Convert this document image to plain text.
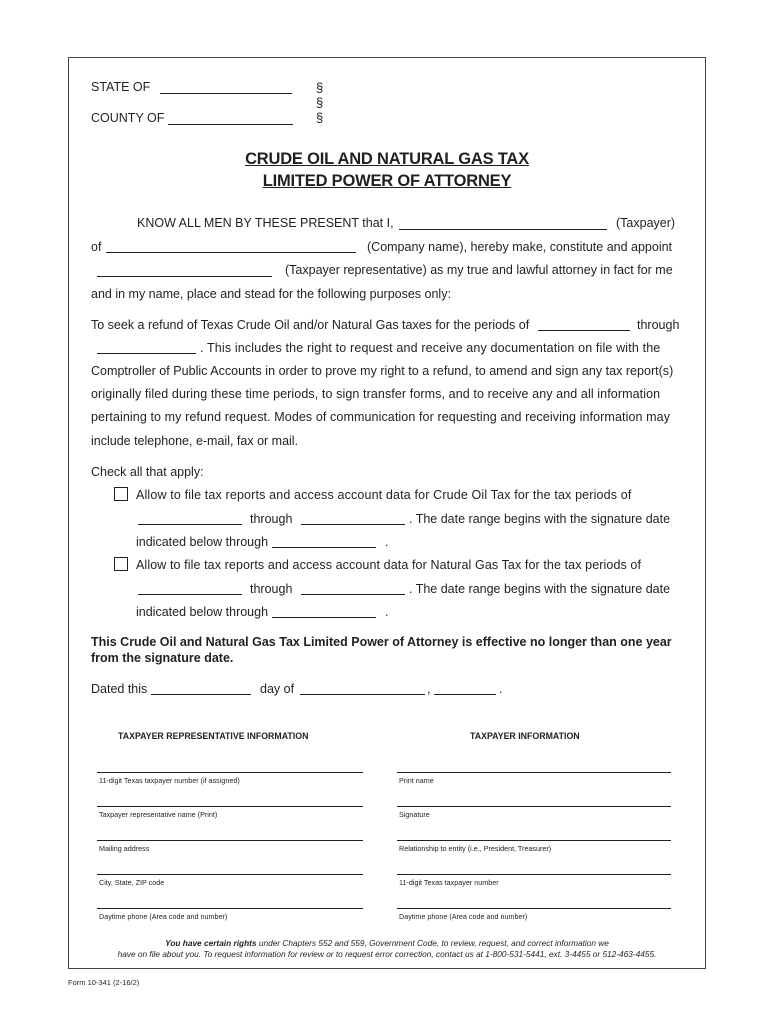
STATE OF
COUNTY OF
§
§
§
CRUDE OIL AND NATURAL GAS TAX
LIMITED POWER OF ATTORNEY
KNOW ALL MEN BY THESE PRESENT that I,	(Taxpayer)
of	(Company name), hereby make, constitute and appoint
(Taxpayer representative) as my true and lawful attorney in fact for me
and in my name, place and stead for the following purposes only:
To seek a refund of Texas Crude Oil and/or Natural Gas taxes for the periods of	through
. This includes the right to request and receive any documentation on file with the
Comptroller of Public Accounts in order to prove my right to a refund, to amend and sign any tax report(s)
originally filed during these time periods, to sign transfer forms, and to receive any and all information
pertaining to my refund request. Modes of communication for requesting and receiving information may
include telephone, e-mail, fax or mail.
Check all that apply:
Allow to file tax reports and access account data for Crude Oil Tax for the tax periods of
through	. The date range begins with the signature date
indicated below through	.
Allow to file tax reports and access account data for Natural Gas Tax for the tax periods of
through	. The date range begins with the signature date
indicated below through	.
This Crude Oil and Natural Gas Tax Limited Power of Attorney is effective no longer than one year
from the signature date.
Dated this	day of	,	.
TAXPAYER REPRESENTATIVE INFORMATION	TAXPAYER INFORMATION
11-digit Texas taxpayer number (if assigned)
Taxpayer representative name (Print)
Mailing address
City, State, ZIP code
Daytime phone (Area code and number)
Print name
Signature
Relationship to entity (i.e., President, Treasurer)
11-digit Texas taxpayer number
Daytime phone (Area code and number)
You have certain rights under Chapters 552 and 559, Government Code, to review, request, and correct information we
have on file about you. To request information for review or to request error correction, contact us at 1-800-531-5441, ext. 3-4455 or 512-463-4455.
Form 10-341 (2-16/2)
